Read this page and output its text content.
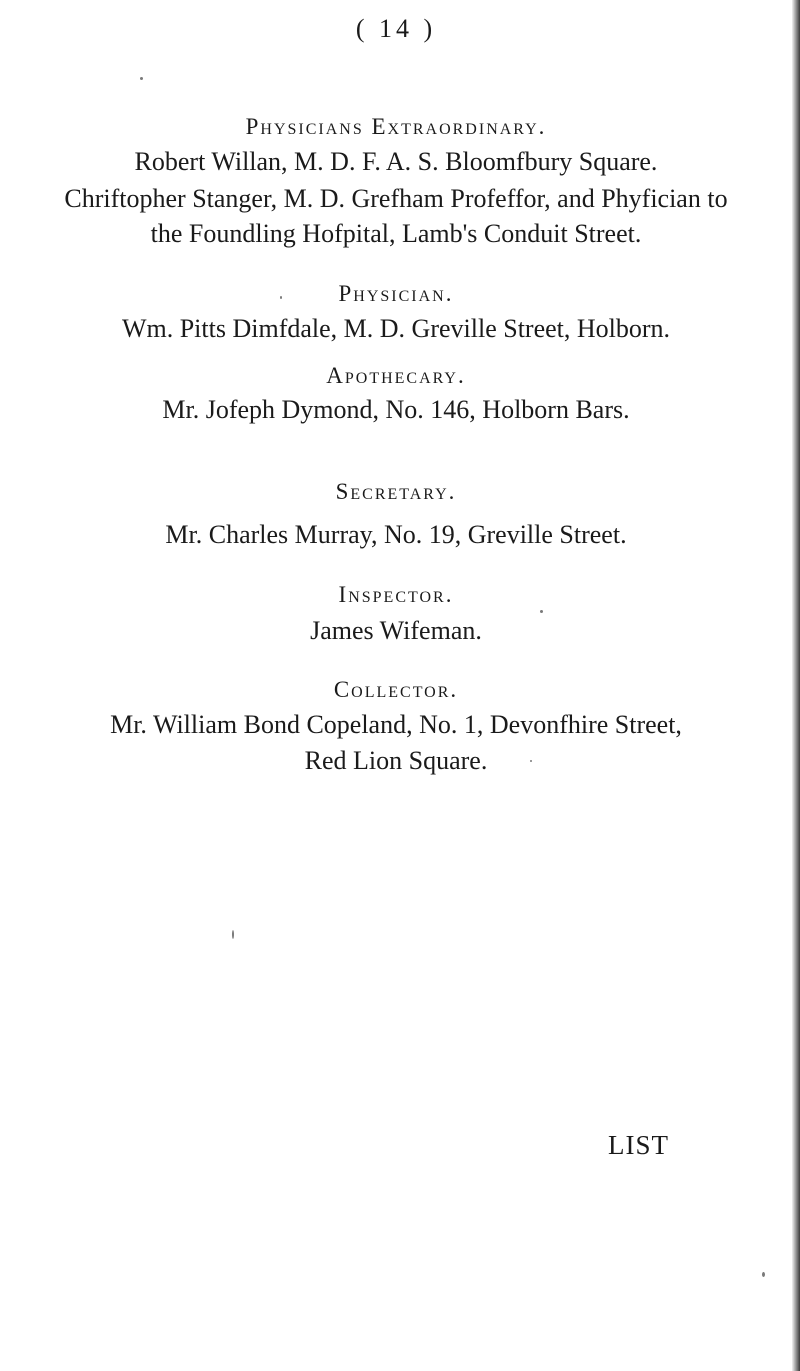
( 14 )
Physicians Extraordinary.
Robert Willan, M. D. F. A. S. Bloomfbury Square.
Chriftopher Stanger, M. D. Grefham Profeffor, and Phyfician to
the Foundling Hofpital, Lamb's Conduit Street.
Physician.
Wm. Pitts Dimfdale, M. D. Greville Street, Holborn.
Apothecary.
Mr. Jofeph Dymond, No. 146, Holborn Bars.
Secretary.
Mr. Charles Murray, No. 19, Greville Street.
Inspector.
James Wifeman.
Collector.
Mr. William Bond Copeland, No. 1, Devonfhire Street,
Red Lion Square.
LIST
